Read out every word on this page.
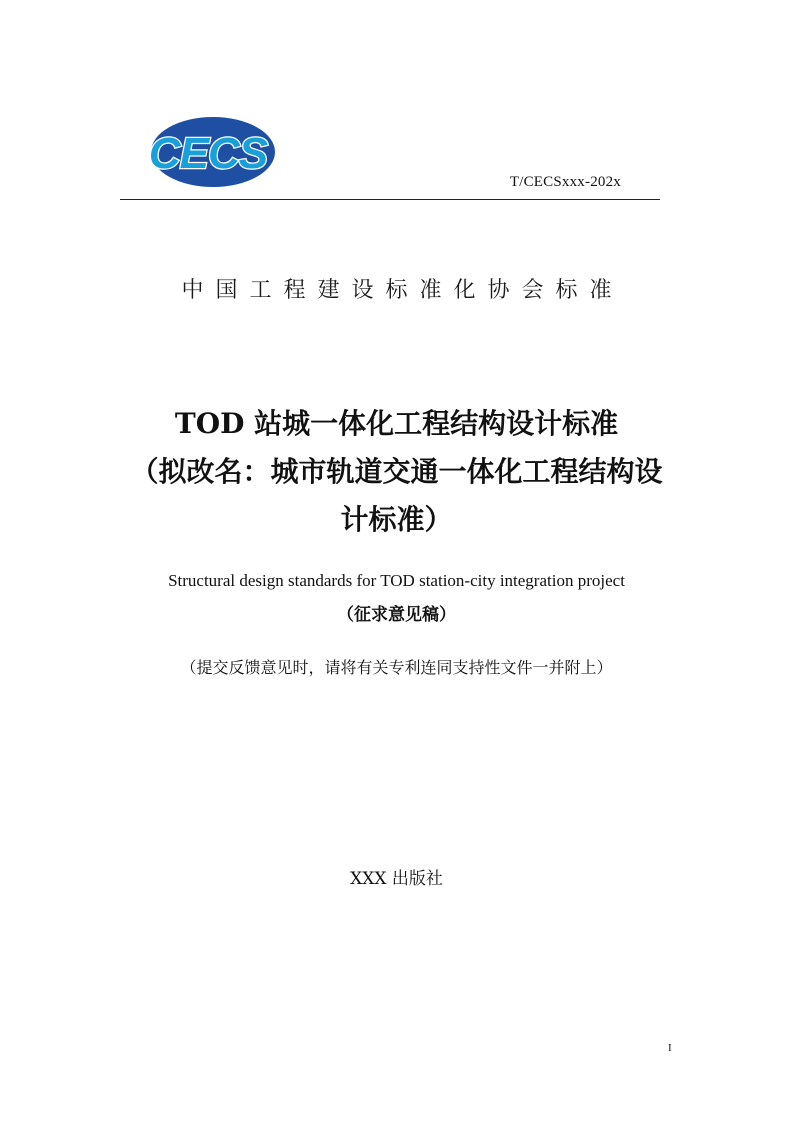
CECS
T/CECSxxx-202x
中国工程建设标准化协会标准
TOD 站城一体化工程结构设计标准
（拟改名：城市轨道交通一体化工程结构设
计标准）
Structural design standards for TOD station-city integration project
（征求意见稿）
（提交反馈意见时，请将有关专利连同支持性文件一并附上）
XXX 出版社
I
